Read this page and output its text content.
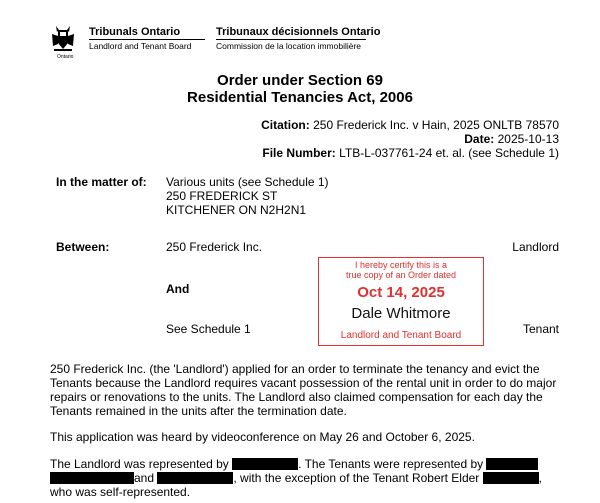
Ontario
Tribunals Ontario
Landlord and Tenant Board
Tribunaux décisionnels Ontario
Commission de la location immobilière
Order under Section 69
Residential Tenancies Act, 2006
Citation: 250 Frederick Inc. v Hain, 2025 ONLTB 78570
Date: 2025-10-13
File Number: LTB-L-037761-24 et. al. (see Schedule 1)
In the matter of: Various units (see Schedule 1)
250 FREDERICK ST
KITCHENER ON N2H2N1
Between:	250 Frederick Inc.	Landlord
And
See Schedule 1	Tenant
I hereby certify this is a
true copy of an Order dated
Oct 14, 2025
Dale Whitmore
Landlord and Tenant Board
250 Frederick Inc. (the 'Landlord') applied for an order to terminate the tenancy and evict the Tenants because the Landlord requires vacant possession of the rental unit in order to do major repairs or renovations to the units. The Landlord also claimed compensation for each day the Tenants remained in the units after the termination date.
This application was heard by videoconference on May 26 and October 6, 2025.
The Landlord was represented by	. The Tenants were represented by
and	, with the exception of the Tenant Robert Elder	,
who was self-represented.
